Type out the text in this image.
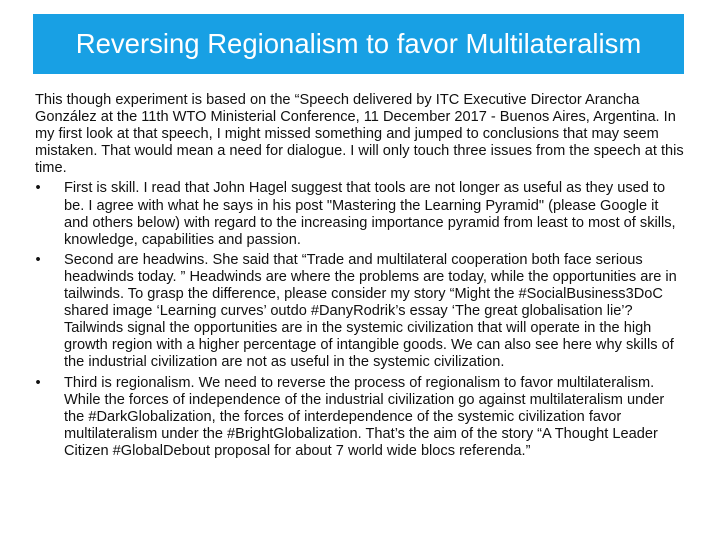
Reversing Regionalism to favor Multilateralism

This though experiment is based on the “Speech delivered by ITC Executive Director Arancha González at the 11th WTO Ministerial Conference, 11 December 2017 - Buenos Aires, Argentina. In my first look at that speech, I might missed something and jumped to conclusions that may seem mistaken. That would mean a need for dialogue. I will only touch three issues from the speech at this time.

• First is skill. I read that John Hagel suggest that tools are not longer as useful as they used to be. I agree with what he says in his post "Mastering the Learning Pyramid" (please Google it and others below) with regard to the increasing importance pyramid from least to most of skills, knowledge, capabilities and passion.
• Second are headwins. She said that “Trade and multilateral cooperation both face serious headwinds today. ” Headwinds are where the problems are today, while the opportunities are in tailwinds. To grasp the difference, please consider my story “Might the #SocialBusiness3DoC shared image ‘Learning curves’ outdo #DanyRodrik’s essay ‘The great globalisation lie’? Tailwinds signal the opportunities are in the systemic civilization that will operate in the high growth region with a higher percentage of intangible goods. We can also see here why skills of the industrial civilization are not as useful in the systemic civilization.
• Third is regionalism. We need to reverse the process of regionalism to favor multilateralism. While the forces of independence of the industrial civilization go against multilateralism under the #DarkGlobalization, the forces of interdependence of the systemic civilization favor multilateralism under the #BrightGlobalization. That’s the aim of the story “A Thought Leader Citizen #GlobalDebout proposal for about 7 world wide blocs referenda.”
